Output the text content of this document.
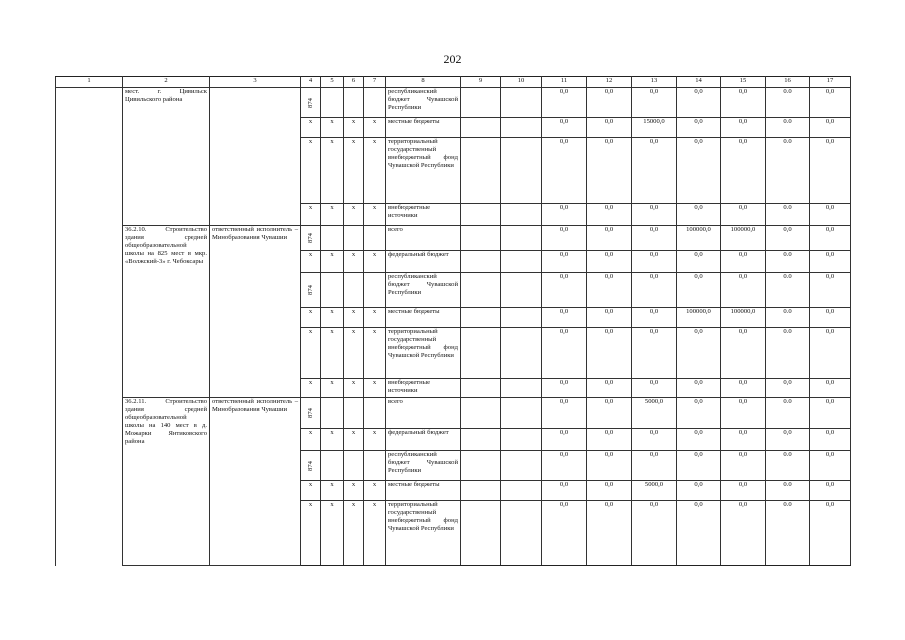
202
1	2	3	4	5	6	7	8	9	10	11	12	13	14	15	16	17
	мест. г. Цивильск Цивильского района		874				республиканский бюджет Чувашской Республики			0,0	0,0	0,0	0,0	0,0	0.0	0,0
			х	х	х	х	местные бюджеты			0,0	0,0	15000,0	0,0	0,0	0.0	0,0
			х	х	х	х	территориальный государственный внебюджетный фонд Чувашской Республики			0,0	0,0	0,0	0,0	0,0	0.0	0,0
			х	х	х	х	внебюджетные источники			0,0	0,0	0,0	0,0	0,0	0.0	0,0
	36.2.10. Строительство здания средней общеобразовательной школы на 825 мест в мкр. «Волжский-3» г. Чебоксары	ответственный исполнитель – Минобразования Чувашии	874				всего			0,0	0,0	0,0	100000,0	100000,0	0,0	0,0
			х	х	х	х	федеральный бюджет			0,0	0,0	0,0	0,0	0,0	0.0	0,0
			874				республиканский бюджет Чувашской Республики			0,0	0,0	0,0	0,0	0,0	0.0	0,0
			х	х	х	х	местные бюджеты			0,0	0,0	0,0	100000,0	100000,0	0.0	0,0
			х	х	х	х	территориальный государственный внебюджетный фонд Чувашской Республики			0,0	0,0	0,0	0,0	0,0	0.0	0,0
			х	х	х	х	внебюджетные источники			0,0	0,0	0,0	0,0	0,0	0,0	0,0
	36.2.11. Строительство здания средней общеобразовательной школы на 140 мест в д. Можарки Янтиковского района	ответственный исполнитель – Минобразования Чувашии	874				всего			0,0	0,0	5000,0	0,0	0,0	0.0	0,0
			х	х	х	х	федеральный бюджет			0,0	0,0	0,0	0,0	0,0	0,0	0,0
			874				республиканский бюджет Чувашской Республики			0,0	0,0	0,0	0,0	0,0	0.0	0,0
			х	х	х	х	местные бюджеты			0,0	0,0	5000,0	0,0	0,0	0.0	0,0
			х	х	х	х	территориальный государственный внебюджетный фонд Чувашской Республики			0,0	0,0	0,0	0,0	0,0	0.0	0,0
